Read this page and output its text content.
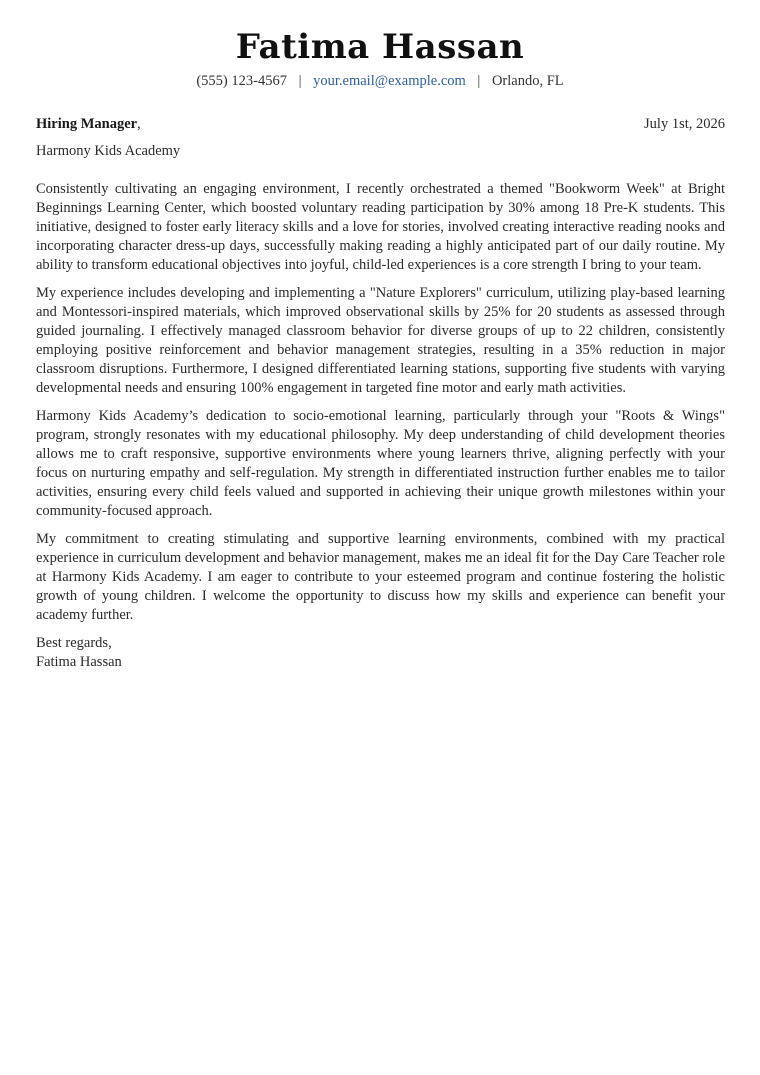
Fatima Hassan
(555) 123-4567 | your.email@example.com | Orlando, FL
Hiring Manager,	July 1st, 2026
Harmony Kids Academy

Consistently cultivating an engaging environment, I recently orchestrated a themed "Bookworm Week" at Bright Beginnings Learning Center, which boosted voluntary reading participation by 30% among 18 Pre-K students. This initiative, designed to foster early literacy skills and a love for stories, involved creating interactive reading nooks and incorporating character dress-up days, successfully making reading a highly anticipated part of our daily routine. My ability to transform educational objectives into joyful, child-led experiences is a core strength I bring to your team.

My experience includes developing and implementing a "Nature Explorers" curriculum, utilizing play-based learning and Montessori-inspired materials, which improved observational skills by 25% for 20 students as assessed through guided journaling. I effectively managed classroom behavior for diverse groups of up to 22 children, consistently employing positive reinforcement and behavior management strategies, resulting in a 35% reduction in major classroom disruptions. Furthermore, I designed differentiated learning stations, supporting five students with varying developmental needs and ensuring 100% engagement in targeted fine motor and early math activities.

Harmony Kids Academy’s dedication to socio-emotional learning, particularly through your "Roots & Wings" program, strongly resonates with my educational philosophy. My deep understanding of child development theories allows me to craft responsive, supportive environments where young learners thrive, aligning perfectly with your focus on nurturing empathy and self-regulation. My strength in differentiated instruction further enables me to tailor activities, ensuring every child feels valued and supported in achieving their unique growth milestones within your community-focused approach.

My commitment to creating stimulating and supportive learning environments, combined with my practical experience in curriculum development and behavior management, makes me an ideal fit for the Day Care Teacher role at Harmony Kids Academy. I am eager to contribute to your esteemed program and continue fostering the holistic growth of young children. I welcome the opportunity to discuss how my skills and experience can benefit your academy further.

Best regards,
Fatima Hassan
